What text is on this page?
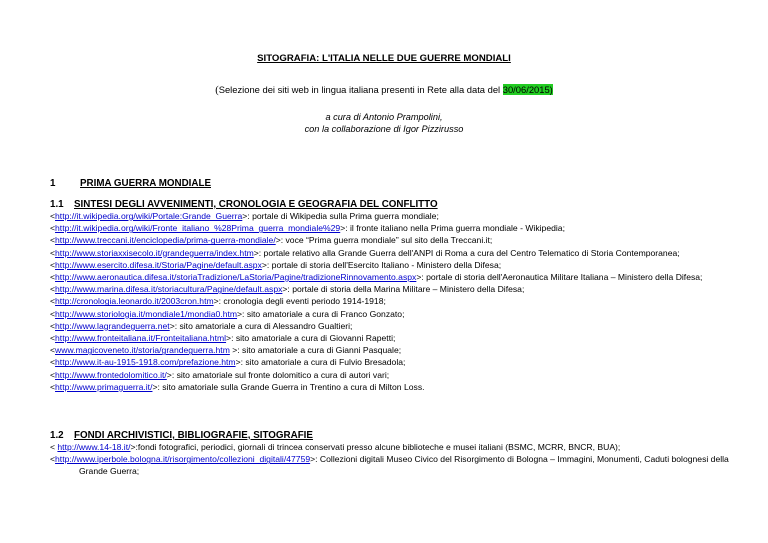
SITOGRAFIA: L'ITALIA NELLE DUE GUERRE MONDIALI
(Selezione dei siti web in lingua italiana presenti in Rete alla data del 30/06/2015)
a cura di Antonio Prampolini,
con la collaborazione di Igor Pizzirusso
1	PRIMA GUERRA MONDIALE
1.1 SINTESI DEGLI AVVENIMENTI, CRONOLOGIA E GEOGRAFIA DEL CONFLITTO

<http://it.wikipedia.org/wiki/Portale:Grande_Guerra>: portale di Wikipedia sulla Prima guerra mondiale;

<http://it.wikipedia.org/wiki/Fronte_italiano_%28Prima_guerra_mondiale%29>: il fronte italiano nella Prima guerra mondiale - Wikipedia;

<http://www.treccani.it/enciclopedia/prima-guerra-mondiale/>: voce “Prima guerra mondiale” sul sito della Treccani.it;

<http://www.storiaxxisecolo.it/grandeguerra/index.htm>: portale relativo alla Grande Guerra dell'ANPI di Roma a cura del Centro Telematico di Storia Contemporanea;

<http://www.esercito.difesa.it/Storia/Pagine/default.aspx>: portale di storia dell'Esercito Italiano - Ministero della Difesa;

<http://www.aeronautica.difesa.it/storiaTradizione/LaStoria/Pagine/tradizioneRinnovamento.aspx>: portale di storia dell'Aeronautica Militare Italiana – Ministero della Difesa;

<http://www.marina.difesa.it/storiacultura/Pagine/default.aspx>: portale di storia della Marina Militare – Ministero della Difesa;

<http://cronologia.leonardo.it/2003cron.htm>: cronologia degli eventi periodo 1914-1918;

<http://www.storiologia.it/mondiale1/mondia0.htm>: sito amatoriale a cura di Franco Gonzato;

<http://www.lagrandeguerra.net>: sito amatoriale a cura di Alessandro Gualtieri;

<http://www.fronteitaliana.it/Fronteitaliana.html>: sito amatoriale a cura di Giovanni Rapetti;

<www.magicoveneto.it/storia/grandeguerra.htm >: sito amatoriale a cura di Gianni Pasquale;

<http://www.it-au-1915-1918.com/prefazione.htm>: sito amatoriale a cura di Fulvio Bresadola;

<http://www.frontedolomitico.it/>: sito amatoriale sul fronte dolomitico a cura di autori vari;

<http://www.primaguerra.it/>: sito amatoriale sulla Grande Guerra in Trentino a cura di Milton Loss.

1.2 FONDI ARCHIVISTICI, BIBLIOGRAFIE, SITOGRAFIE

< http://www.14-18.it/>:fondi fotografici, periodici, giornali di trincea conservati presso alcune biblioteche e musei italiani (BSMC, MCRR, BNCR, BUA);

<http://www.iperbole.bologna.it/risorgimento/collezioni_digitali/47759>: Collezioni digitali Museo Civico del Risorgimento di Bologna – Immagini, Monumenti, Caduti bolognesi della Grande Guerra;
